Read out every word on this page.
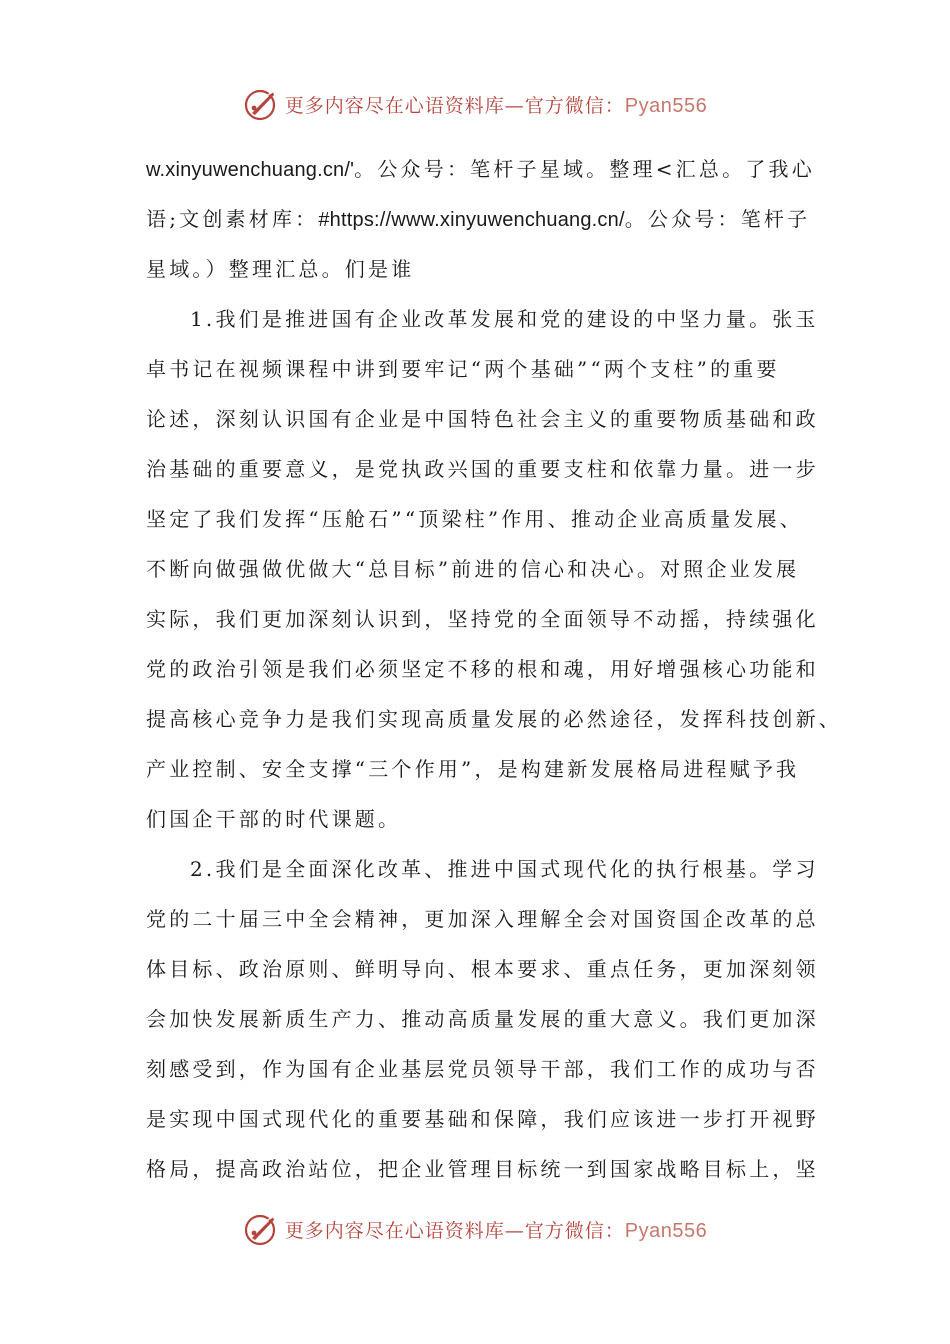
更多内容尽在心语资料库—官方微信：Pyan556
w.xinyuwenchuang.cn/'。公众号：笔杆子星域。整理<汇总。了我心
语;文创素材库：#https://www.xinyuwenchuang.cn/。公众号：笔杆子
星域。）整理汇总。们是谁
1.我们是推进国有企业改革发展和党的建设的中坚力量。张玉
卓书记在视频课程中讲到要牢记“两个基础”“两个支柱”的重要
论述，深刻认识国有企业是中国特色社会主义的重要物质基础和政
治基础的重要意义，是党执政兴国的重要支柱和依靠力量。进一步
坚定了我们发挥“压舱石”“顶梁柱”作用、推动企业高质量发展、
不断向做强做优做大“总目标”前进的信心和决心。对照企业发展
实际，我们更加深刻认识到，坚持党的全面领导不动摇，持续强化
党的政治引领是我们必须坚定不移的根和魂，用好增强核心功能和
提高核心竞争力是我们实现高质量发展的必然途径，发挥科技创新、
产业控制、安全支撑“三个作用”，是构建新发展格局进程赋予我
们国企干部的时代课题。
2.我们是全面深化改革、推进中国式现代化的执行根基。学习
党的二十届三中全会精神，更加深入理解全会对国资国企改革的总
体目标、政治原则、鲜明导向、根本要求、重点任务，更加深刻领
会加快发展新质生产力、推动高质量发展的重大意义。我们更加深
刻感受到，作为国有企业基层党员领导干部，我们工作的成功与否
是实现中国式现代化的重要基础和保障，我们应该进一步打开视野
格局，提高政治站位，把企业管理目标统一到国家战略目标上，坚
更多内容尽在心语资料库—官方微信：Pyan556
